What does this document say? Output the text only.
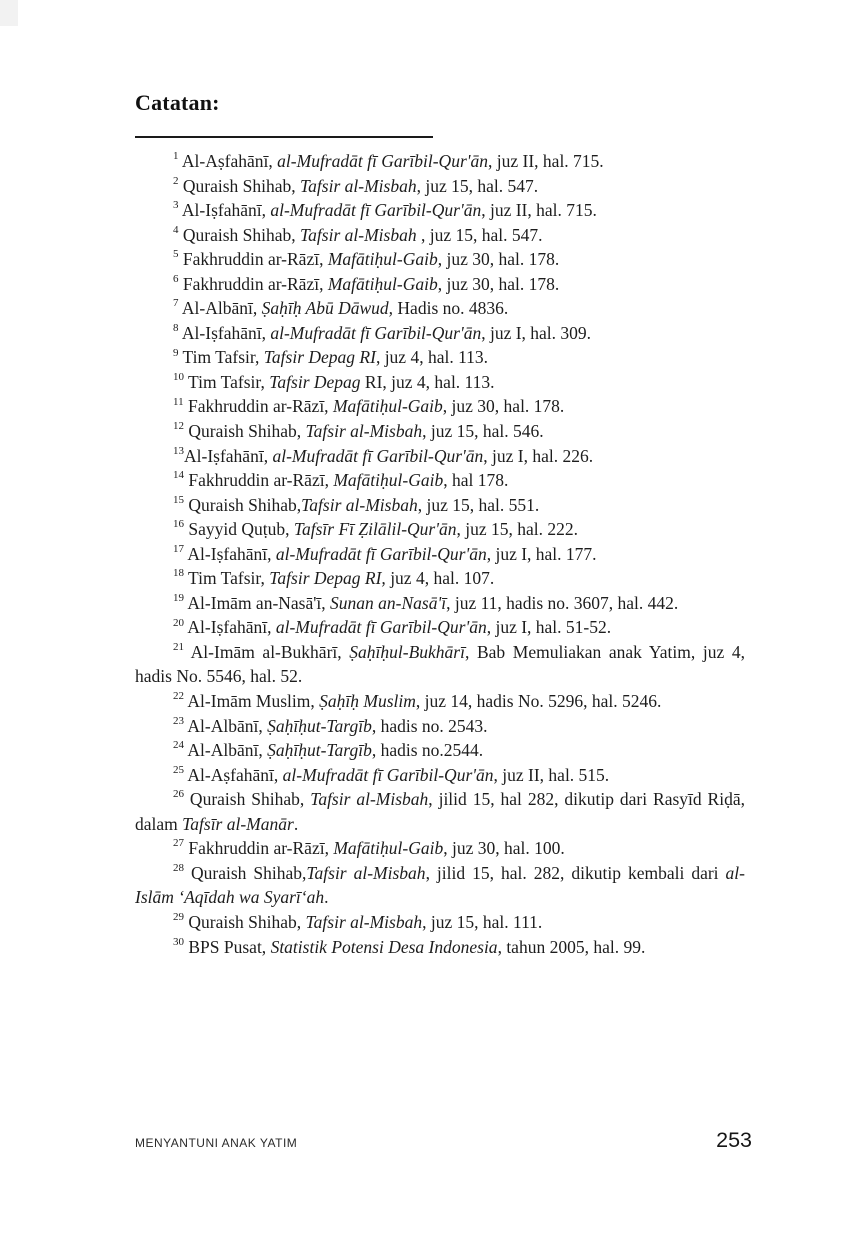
Catatan:

$^1$ Al-Aṣfahānī, al-Mufradāt fī Garībil-Qur'ān, juz II, hal. 715.

$^2$ Quraish Shihab, Tafsir al-Misbah, juz 15, hal. 547.

$^3$ Al-Iṣfahānī, al-Mufradāt fī Garībil-Qur'ān, juz II, hal. 715.

$^4$ Quraish Shihab, Tafsir al-Misbah , juz 15, hal. 547.

$^5$ Fakhruddin ar-Rāzī, Mafātiḥul-Gaib, juz 30, hal. 178.

$^6$ Fakhruddin ar-Rāzī, Mafātiḥul-Gaib, juz 30, hal. 178.

$^7$ Al-Albānī, Ṣaḥīḥ Abū Dāwud, Hadis no. 4836.

$^8$ Al-Iṣfahānī, al-Mufradāt fī Garībil-Qur'ān, juz I, hal. 309.

$^9$ Tim Tafsir, Tafsir Depag RI, juz 4, hal. 113.

$^{10}$ Tim Tafsir, Tafsir Depag RI, juz 4, hal. 113.

$^{11}$ Fakhruddin ar-Rāzī, Mafātiḥul-Gaib, juz 30, hal. 178.

$^{12}$ Quraish Shihab, Tafsir al-Misbah, juz 15, hal. 546.

$^{13}$Al-Iṣfahānī, al-Mufradāt fī Garībil-Qur'ān, juz I, hal. 226.

$^{14}$ Fakhruddin ar-Rāzī, Mafātiḥul-Gaib, hal 178.

$^{15}$ Quraish Shihab,Tafsir al-Misbah, juz 15, hal. 551.

$^{16}$ Sayyid Quṭub, Tafsīr Fī Ẓilālil-Qur'ān, juz 15, hal. 222.

$^{17}$ Al-Iṣfahānī, al-Mufradāt fī Garībil-Qur'ān, juz I, hal. 177.

$^{18}$ Tim Tafsir, Tafsir Depag RI, juz 4, hal. 107.

$^{19}$ Al-Imām an-Nasā'ī, Sunan an-Nasā'ī, juz 11, hadis no. 3607, hal. 442.

$^{20}$ Al-Iṣfahānī, al-Mufradāt fī Garībil-Qur'ān, juz I, hal. 51-52.

$^{21}$ Al-Imām al-Bukhārī, Ṣaḥīḥul-Bukhārī, Bab Memuliakan anak Yatim, juz 4, hadis No. 5546, hal. 52.

$^{22}$ Al-Imām Muslim, Ṣaḥīḥ Muslim, juz 14, hadis No. 5296, hal. 5246.

$^{23}$ Al-Albānī, Ṣaḥīḥut-Targīb, hadis no. 2543.

$^{24}$ Al-Albānī, Ṣaḥīḥut-Targīb, hadis no.2544.

$^{25}$ Al-Aṣfahānī, al-Mufradāt fī Garībil-Qur'ān, juz II, hal. 515.

$^{26}$ Quraish Shihab, Tafsir al-Misbah, jilid 15, hal 282, dikutip dari Rasyīd Riḍā, dalam Tafsīr al-Manār.

$^{27}$ Fakhruddin ar-Rāzī, Mafātiḥul-Gaib, juz 30, hal. 100.

$^{28}$ Quraish Shihab,Tafsir al-Misbah, jilid 15, hal. 282, dikutip kembali dari al-Islām ‘Aqīdah wa Syarī‘ah.

$^{29}$ Quraish Shihab, Tafsir al-Misbah, juz 15, hal. 111.

$^{30}$ BPS Pusat, Statistik Potensi Desa Indonesia, tahun 2005, hal. 99.

MENYANTUNI ANAK YATIM	253
